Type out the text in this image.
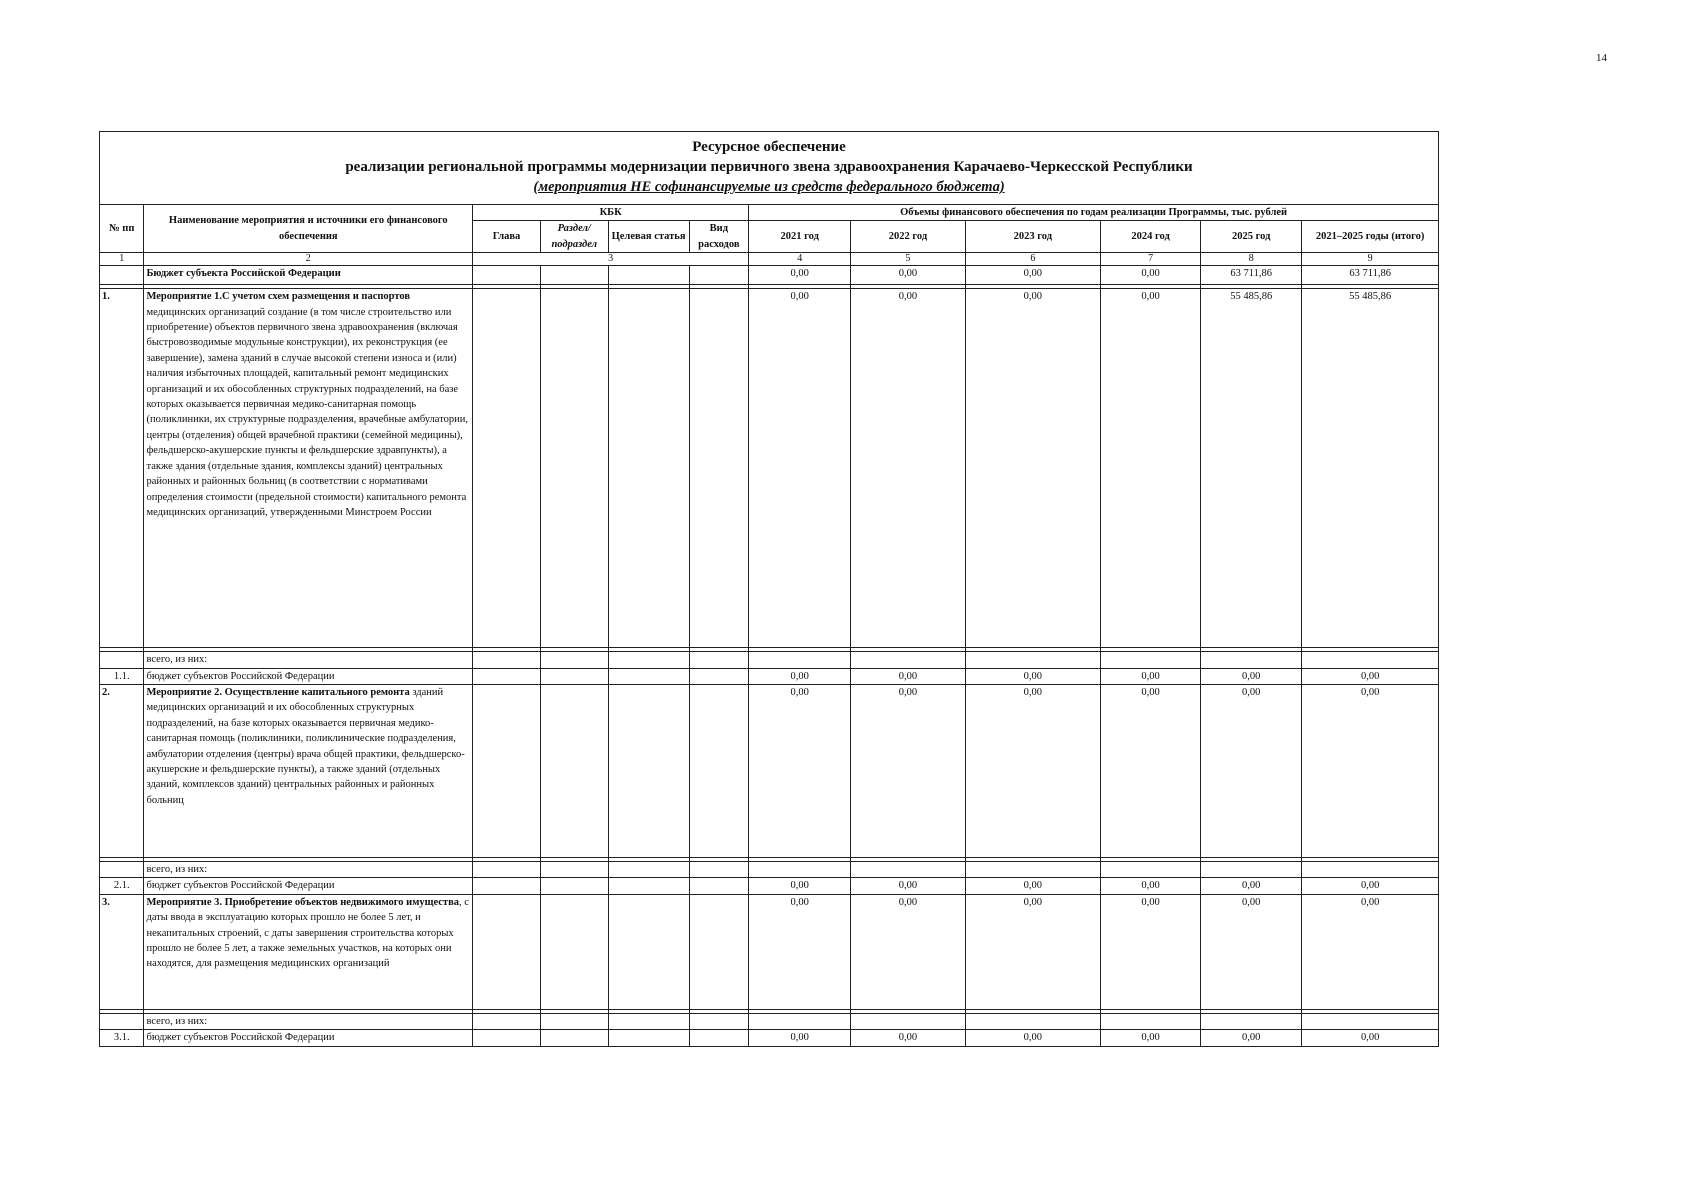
14
Ресурсное обеспечение
реализации региональной программы модернизации первичного звена здравоохранения Карачаево-Черкесской Республики
(мероприятия НЕ софинансируемые из средств федерального бюджета)											

№ пп	Наименование мероприятия и источники его финансового обеспечения	КБК				Объемы финансового обеспечения по годам реализации Программы, тыс. рублей					
		Глава	Раздел/ подраздел	Целевая статья	Вид расходов	2021 год	2022 год	2023 год	2024 год	2025 год	2021–2025 годы (итого)
1	2	3				4	5	6	7	8	9
	Бюджет субъекта Российской Федерации					0,00	0,00	0,00	0,00	63 711,86	63 711,86

1.	Мероприятие 1.С учетом схем размещения и паспортов медицинских организаций создание (в том числе строительство или приобретение) объектов первичного звена здравоохранения (включая быстровозводимые модульные конструкции), их реконструкция (ее завершение), замена зданий в случае высокой степени износа и (или) наличия избыточных площадей, капитальный ремонт медицинских организаций и их обособленных структурных подразделений, на базе которых оказывается первичная медико-санитарная помощь (поликлиники, их структурные подразделения, врачебные амбулатории, центры (отделения) общей врачебной практики (семейной медицины), фельдшерско-акушерские пункты и фельдшерские здравпункты), а также здания (отдельные здания, комплексы зданий) центральных районных и районных больниц (в соответствии с нормативами определения стоимости (предельной стоимости) капитального ремонта медицинских организаций, утвержденными Минстроем России					0,00	0,00	0,00	0,00	55 485,86	55 485,86

	всего, из них:										
1.1.	бюджет субъектов Российской Федерации					0,00	0,00	0,00	0,00	0,00	0,00
2.	Мероприятие 2. Осуществление капитального ремонта зданий медицинских организаций и их обособленных структурных подразделений, на базе которых оказывается первичная медико-санитарная помощь (поликлиники, поликлинические подразделения, амбулатории отделения (центры) врача общей практики, фельдшерско-акушерские и фельдшерские пункты), а также зданий (отдельных зданий, комплексов зданий) центральных районных и районных больниц					0,00	0,00	0,00	0,00	0,00	0,00

	всего, из них:										
2.1.	бюджет субъектов Российской Федерации					0,00	0,00	0,00	0,00	0,00	0,00
3.	Мероприятие 3. Приобретение объектов недвижимого имущества, с даты ввода в эксплуатацию которых прошло не более 5 лет, и некапитальных строений, с даты завершения строительства которых прошло не более 5 лет, а также земельных участков, на которых они находятся, для размещения медицинских организаций					0,00	0,00	0,00	0,00	0,00	0,00

	всего, из них:										
3.1.	бюджет субъектов Российской Федерации					0,00	0,00	0,00	0,00	0,00	0,00
